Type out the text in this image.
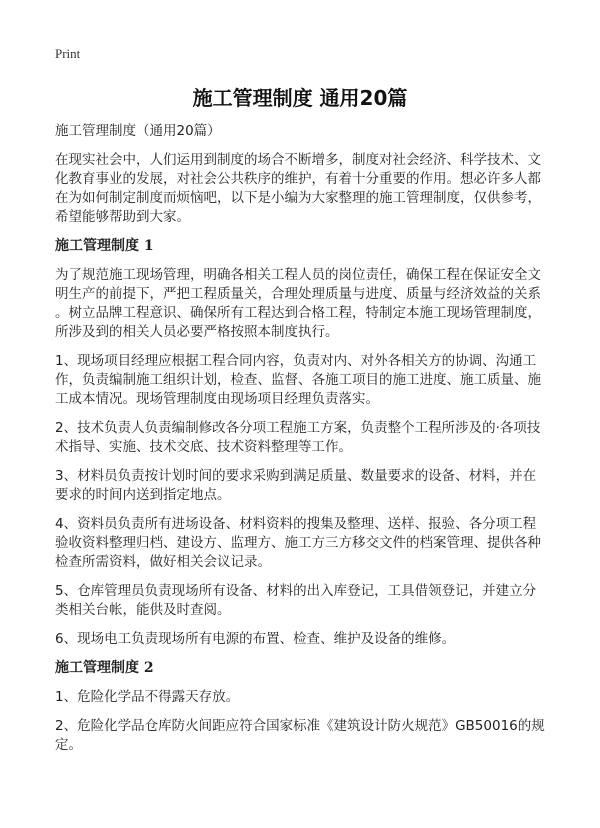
Print
施工管理制度 通用20篇

施工管理制度（通用20篇）

在现实社会中，人们运用到制度的场合不断增多，制度对社会经济、科学技术、文
化教育事业的发展，对社会公共秩序的维护，有着十分重要的作用。想必许多人都
在为如何制定制度而烦恼吧，以下是小编为大家整理的施工管理制度，仅供参考，
希望能够帮助到大家。

施工管理制度 1

为了规范施工现场管理，明确各相关工程人员的岗位责任，确保工程在保证安全文
明生产的前提下，严把工程质量关，合理处理质量与进度、质量与经济效益的关系
。树立品牌工程意识、确保所有工程达到合格工程，特制定本施工现场管理制度，
所涉及到的相关人员必要严格按照本制度执行。

1、现场项目经理应根据工程合同内容，负责对内、对外各相关方的协调、沟通工
作，负责编制施工组织计划，检查、监督、各施工项目的施工进度、施工质量、施
工成本情况。现场管理制度由现场项目经理负责落实。

2、技术负责人负责编制修改各分项工程施工方案，负责整个工程所涉及的·各项技
术指导、实施、技术交底、技术资料整理等工作。

3、材料员负责按计划时间的要求采购到满足质量、数量要求的设备、材料，并在
要求的时间内送到指定地点。

4、资料员负责所有进场设备、材料资料的搜集及整理、送样、报验、各分项工程
验收资料整理归档、建设方、监理方、施工方三方移交文件的档案管理、提供各种
检查所需资料，做好相关会议记录。

5、仓库管理员负责现场所有设备、材料的出入库登记，工具借领登记，并建立分
类相关台帐，能供及时查阅。

6、现场电工负责现场所有电源的布置、检查、维护及设备的维修。

施工管理制度 2

1、危险化学品不得露天存放。

2、危险化学品仓库防火间距应符合国家标准《建筑设计防火规范》GB50016的规
定。
